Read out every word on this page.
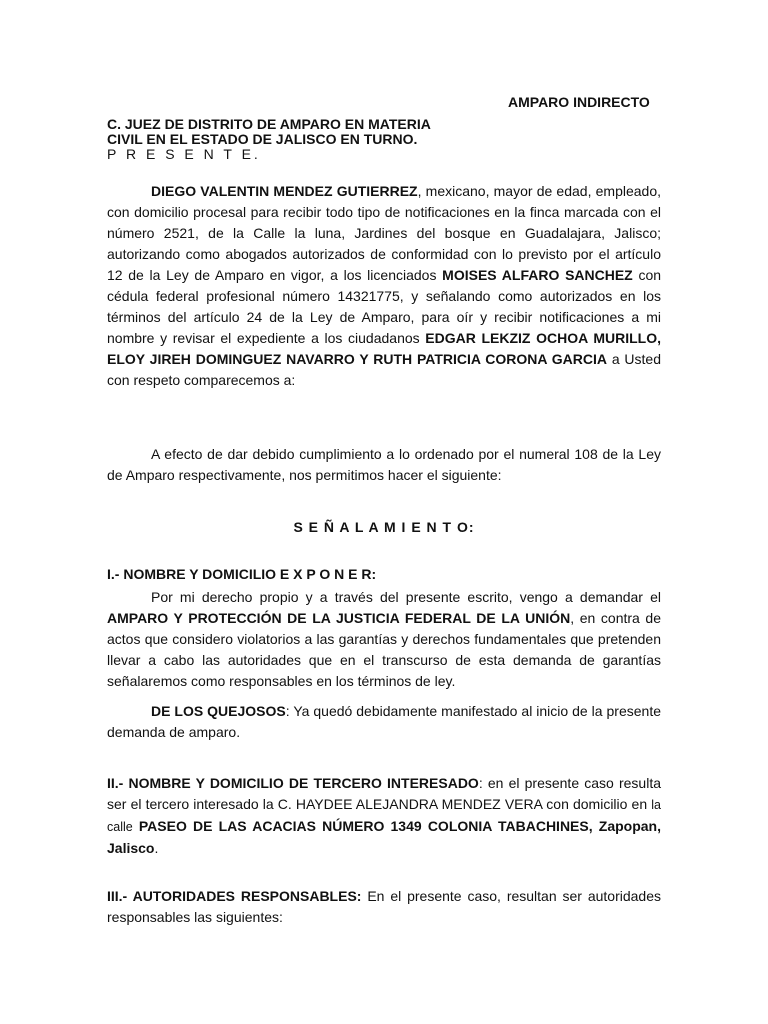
AMPARO INDIRECTO

C. JUEZ DE DISTRITO DE AMPARO EN MATERIA

CIVIL EN EL ESTADO DE JALISCO EN TURNO.

P R E S E N T E.

DIEGO VALENTIN MENDEZ GUTIERREZ, mexicano, mayor de edad, empleado, con domicilio procesal para recibir todo tipo de notificaciones en la finca marcada con el número 2521, de la Calle la luna, Jardines del bosque en Guadalajara, Jalisco; autorizando como abogados autorizados de conformidad con lo previsto por el artículo 12 de la Ley de Amparo en vigor, a los licenciados MOISES ALFARO SANCHEZ con cédula federal profesional número 14321775, y señalando como autorizados en los términos del artículo 24 de la Ley de Amparo, para oír y recibir notificaciones a mi nombre y revisar el expediente a los ciudadanos EDGAR LEKZIZ OCHOA MURILLO, ELOY JIREH DOMINGUEZ NAVARRO Y RUTH PATRICIA CORONA GARCIA a Usted con respeto comparecemos a:

A efecto de dar debido cumplimiento a lo ordenado por el numeral 108 de la Ley de Amparo respectivamente, nos permitimos hacer el siguiente:

S E Ñ A L A M I E N T O:

I.- NOMBRE Y DOMICILIO E X P O N E R:

Por mi derecho propio y a través del presente escrito, vengo a demandar el AMPARO Y PROTECCIÓN DE LA JUSTICIA FEDERAL DE LA UNIÓN, en contra de actos que considero violatorios a las garantías y derechos fundamentales que pretenden llevar a cabo las autoridades que en el transcurso de esta demanda de garantías señalaremos como responsables en los términos de ley.

DE LOS QUEJOSOS: Ya quedó debidamente manifestado al inicio de la presente demanda de amparo.

II.- NOMBRE Y DOMICILIO DE TERCERO INTERESADO: en el presente caso resulta ser el tercero interesado la C. HAYDEE ALEJANDRA MENDEZ VERA con domicilio en la calle PASEO DE LAS ACACIAS NÚMERO 1349 COLONIA TABACHINES, Zapopan, Jalisco.

III.- AUTORIDADES RESPONSABLES: En el presente caso, resultan ser autoridades responsables las siguientes:
